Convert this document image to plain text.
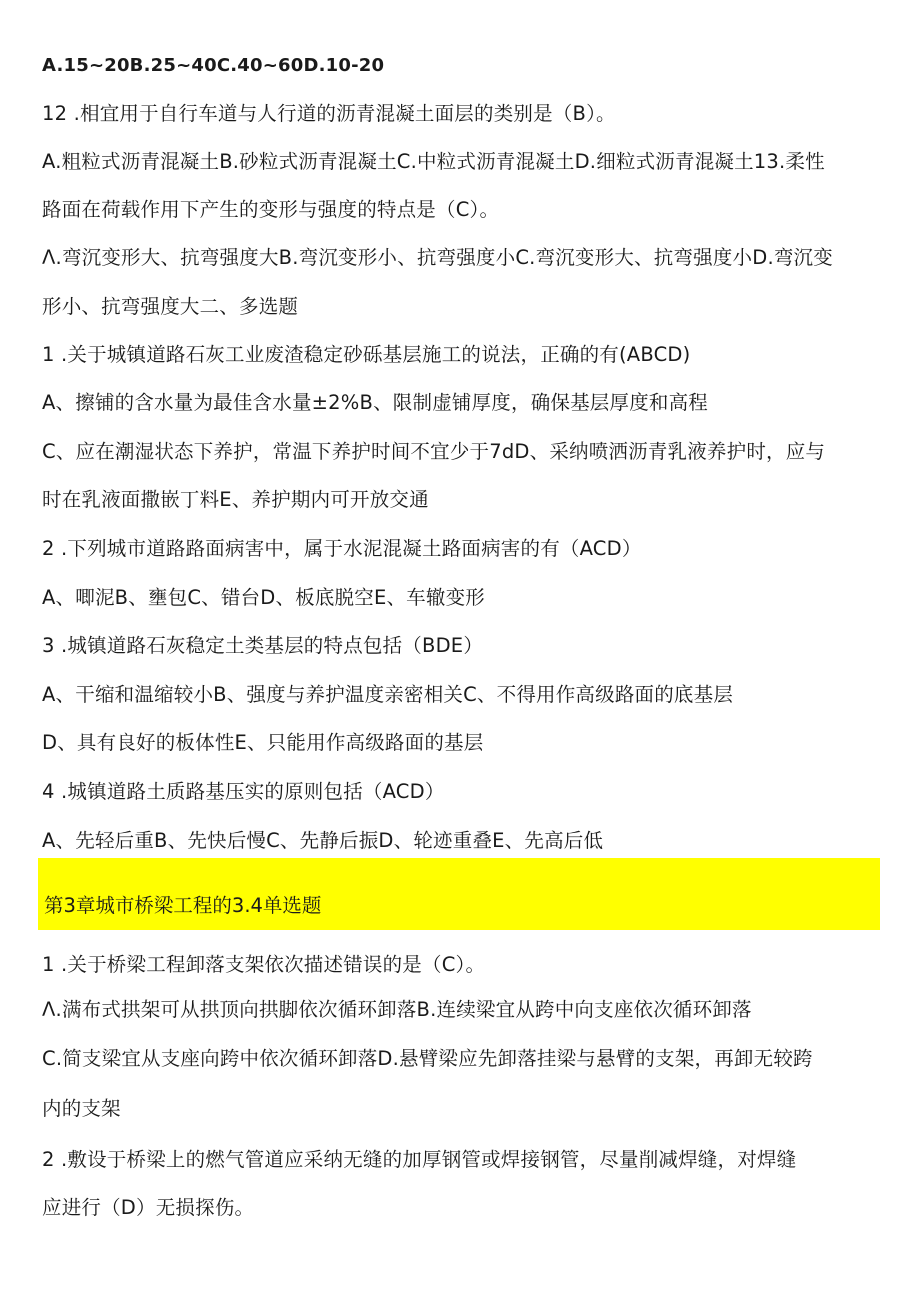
A.15~20B.25~40C.40~60D.10-20
12 .相宜用于自行车道与人行道的沥青混凝土面层的类别是（B）。
A.粗粒式沥青混凝土B.砂粒式沥青混凝土C.中粒式沥青混凝土D.细粒式沥青混凝土13.柔性
路面在荷载作用下产生的变形与强度的特点是（C）。
Λ.弯沉变形大、抗弯强度大B.弯沉变形小、抗弯强度小C.弯沉变形大、抗弯强度小D.弯沉变
形小、抗弯强度大二、多选题
1 .关于城镇道路石灰工业废渣稳定砂砾基层施工的说法，正确的有(ABCD)
A、擦铺的含水量为最佳含水量±2%B、限制虚铺厚度，确保基层厚度和高程
C、应在潮湿状态下养护，常温下养护时间不宜少于7dD、采纳喷洒沥青乳液养护时，应与
时在乳液面撒嵌丁料E、养护期内可开放交通
2 .下列城市道路路面病害中，属于水泥混凝土路面病害的有（ACD）
A、唧泥B、壅包C、错台D、板底脱空E、车辙变形
3 .城镇道路石灰稳定土类基层的特点包括（BDE）
A、干缩和温缩较小B、强度与养护温度亲密相关C、不得用作高级路面的底基层
D、具有良好的板体性E、只能用作高级路面的基层
4 .城镇道路土质路基压实的原则包括（ACD）
A、先轻后重B、先快后慢C、先静后振D、轮迹重叠E、先高后低
第3章城市桥梁工程的3.4单选题
1 .关于桥梁工程卸落支架依次描述错误的是（C）。
Λ.满布式拱架可从拱顶向拱脚依次循环卸落B.连续梁宜从跨中向支座依次循环卸落
C.简支梁宜从支座向跨中依次循环卸落D.悬臂梁应先卸落挂梁与悬臂的支架，再卸无较跨
内的支架
2 .敷设于桥梁上的燃气管道应采纳无缝的加厚钢管或焊接钢管，尽量削减焊缝，对焊缝
应进行（D）无损探伤。
